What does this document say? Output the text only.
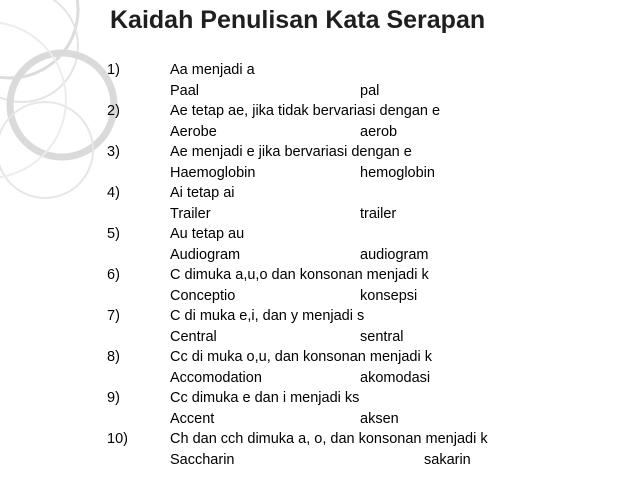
Kaidah Penulisan Kata Serapan
1)	Aa menjadi a
Paal	pal
2)	Ae tetap ae, jika tidak bervariasi dengan e
Aerobe	aerob
3)	Ae menjadi e jika bervariasi dengan e
Haemoglobin	hemoglobin
4)	Ai tetap ai
Trailer	trailer
5)	Au tetap au
Audiogram	audiogram
6)	C dimuka a,u,o dan konsonan menjadi k
Conceptio	konsepsi
7)	C di muka e,i, dan y menjadi s
Central	sentral
8)	Cc di muka o,u, dan konsonan menjadi k
Accomodation	akomodasi
9)	Cc dimuka e dan i menjadi ks
Accent	aksen
10)	Ch dan cch dimuka a, o, dan konsonan menjadi k
Saccharin	sakarin
